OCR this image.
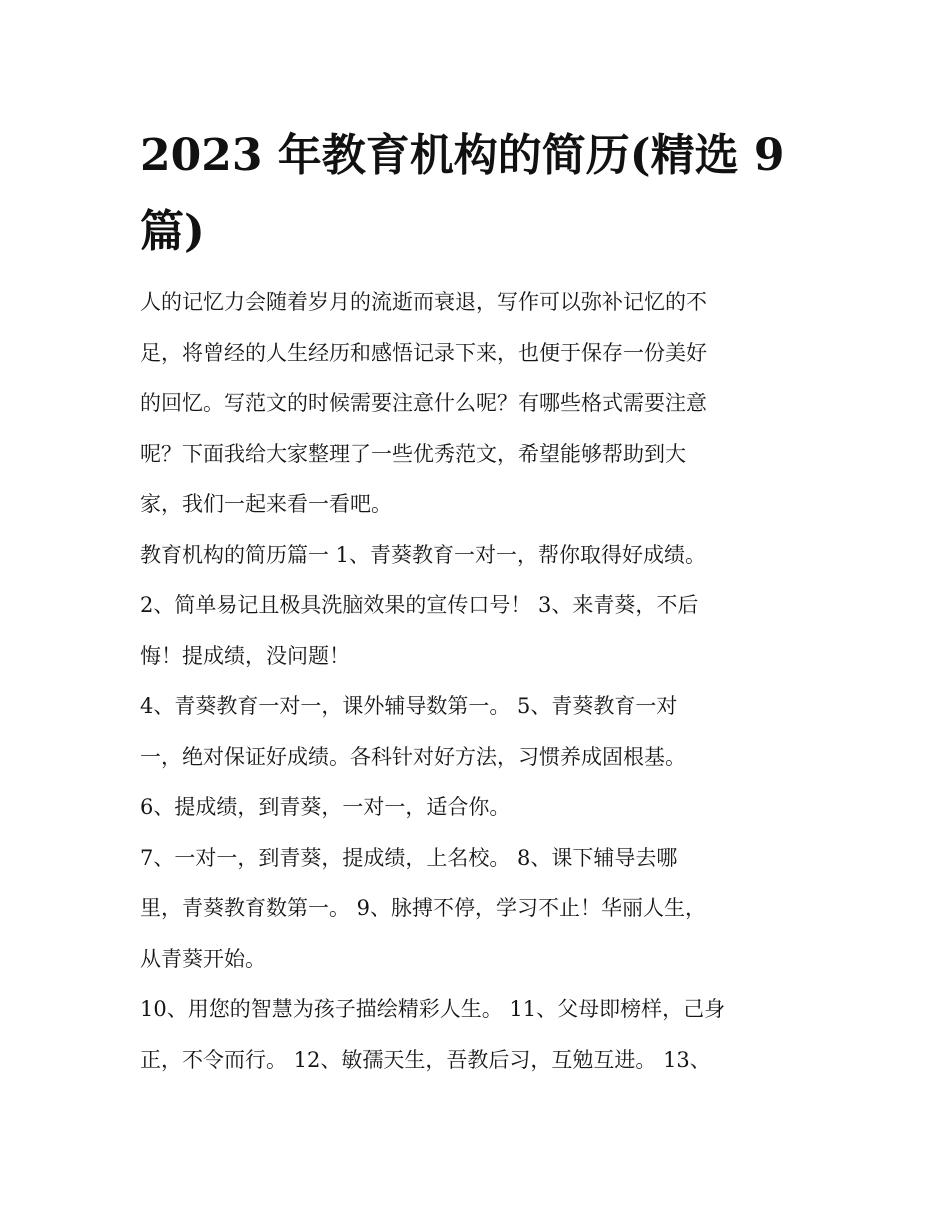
2023 年教育机构的简历(精选 9
篇)

人的记忆力会随着岁月的流逝而衰退，写作可以弥补记忆的不

足，将曾经的人生经历和感悟记录下来，也便于保存一份美好

的回忆。写范文的时候需要注意什么呢？有哪些格式需要注意

呢？下面我给大家整理了一些优秀范文，希望能够帮助到大

家，我们一起来看一看吧。

教育机构的简历篇一 1、青葵教育一对一，帮你取得好成绩。

2、简单易记且极具洗脑效果的宣传口号！ 3、来青葵，不后

悔！提成绩，没问题！

4、青葵教育一对一，课外辅导数第一。 5、青葵教育一对

一，绝对保证好成绩。各科针对好方法，习惯养成固根基。

6、提成绩，到青葵，一对一，适合你。

7、一对一，到青葵，提成绩，上名校。 8、课下辅导去哪

里，青葵教育数第一。 9、脉搏不停，学习不止！华丽人生，

从青葵开始。

10、用您的智慧为孩子描绘精彩人生。 11、父母即榜样，己身

正，不令而行。 12、敏孺天生，吾教后习，互勉互进。 13、
